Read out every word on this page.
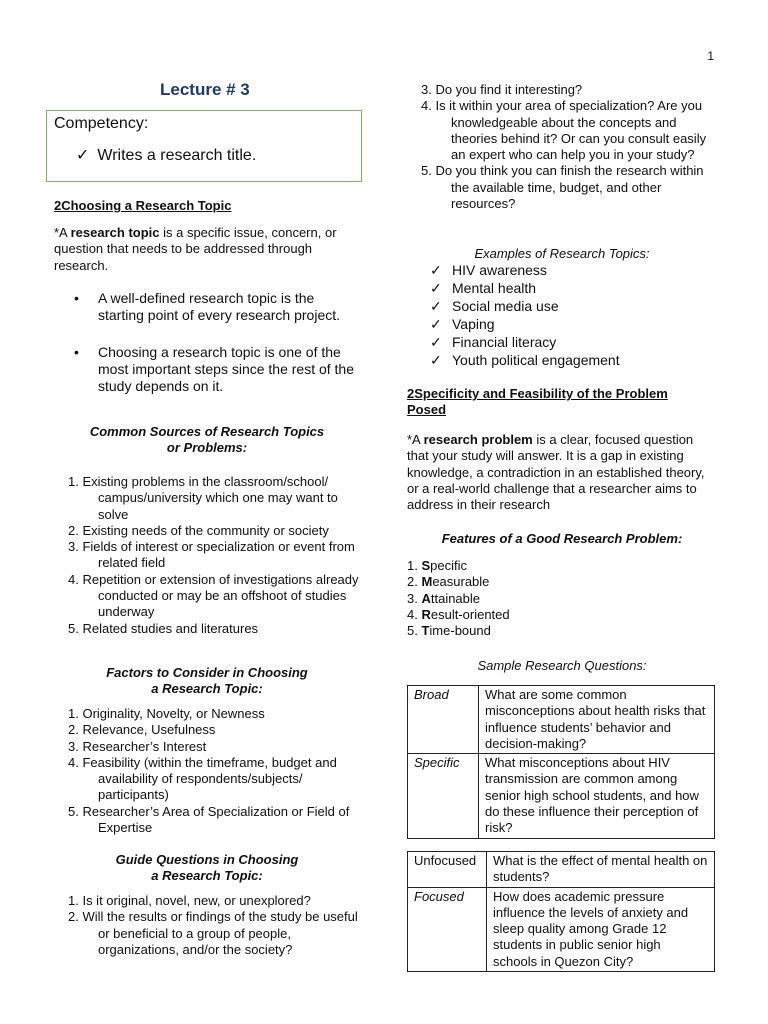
1
Lecture # 3
Competency:
✓ Writes a research title.
2Choosing a Research Topic
*A research topic is a specific issue, concern, or question that needs to be addressed through research.
• A well-defined research topic is the starting point of every research project.
• Choosing a research topic is one of the most important steps since the rest of the study depends on it.
Common Sources of Research Topics
or Problems:
1. Existing problems in the classroom/school/ campus/university which one may want to solve
2. Existing needs of the community or society
3. Fields of interest or specialization or event from related field
4. Repetition or extension of investigations already conducted or may be an offshoot of studies underway
5. Related studies and literatures
Factors to Consider in Choosing
a Research Topic:
1. Originality, Novelty, or Newness
2. Relevance, Usefulness
3. Researcher’s Interest
4. Feasibility (within the timeframe, budget and availability of respondents/subjects/ participants)
5. Researcher’s Area of Specialization or Field of Expertise
Guide Questions in Choosing
a Research Topic:
1. Is it original, novel, new, or unexplored?
2. Will the results or findings of the study be useful or beneficial to a group of people, organizations, and/or the society?
3. Do you find it interesting?
4. Is it within your area of specialization? Are you knowledgeable about the concepts and theories behind it? Or can you consult easily an expert who can help you in your study?
5. Do you think you can finish the research within the available time, budget, and other resources?
Examples of Research Topics:
✓ HIV awareness
✓ Mental health
✓ Social media use
✓ Vaping
✓ Financial literacy
✓ Youth political engagement
2Specificity and Feasibility of the Problem
Posed
*A research problem is a clear, focused question that your study will answer. It is a gap in existing knowledge, a contradiction in an established theory, or a real-world challenge that a researcher aims to address in their research
Features of a Good Research Problem:
1. Specific
2. Measurable
3. Attainable
4. Result-oriented
5. Time-bound
Sample Research Questions:
Broad	What are some common misconceptions about health risks that influence students’ behavior and decision-making?
Specific	What misconceptions about HIV transmission are common among senior high school students, and how do these influence their perception of risk?
Unfocused	What is the effect of mental health on students?
Focused	How does academic pressure influence the levels of anxiety and sleep quality among Grade 12 students in public senior high schools in Quezon City?
